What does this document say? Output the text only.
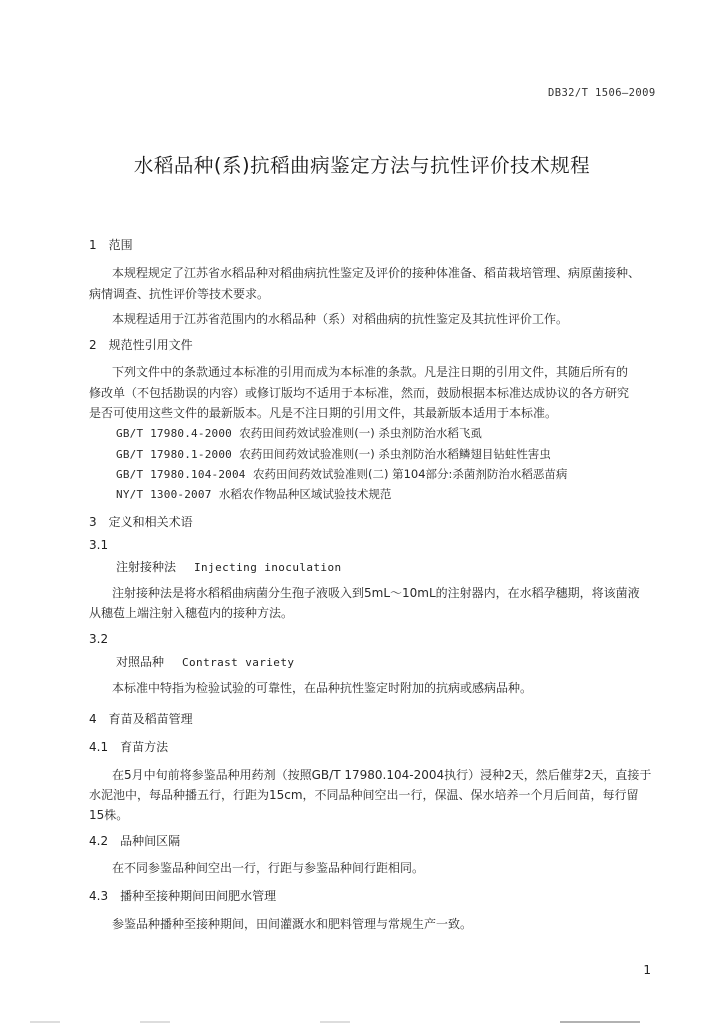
DB32/T 1506—2009
水稻品种(系)抗稻曲病鉴定方法与抗性评价技术规程
1 范围
本规程规定了江苏省水稻品种对稻曲病抗性鉴定及评价的接种体准备、稻苗栽培管理、病原菌接种、
病情调查、抗性评价等技术要求。
本规程适用于江苏省范围内的水稻品种（系）对稻曲病的抗性鉴定及其抗性评价工作。
2 规范性引用文件
下列文件中的条款通过本标准的引用而成为本标准的条款。凡是注日期的引用文件，其随后所有的
修改单（不包括勘误的内容）或修订版均不适用于本标准，然而，鼓励根据本标准达成协议的各方研究
是否可使用这些文件的最新版本。凡是不注日期的引用文件，其最新版本适用于本标准。
GB/T 17980.4-2000 农药田间药效试验准则(一) 杀虫剂防治水稻飞虱
GB/T 17980.1-2000 农药田间药效试验准则(一) 杀虫剂防治水稻鳞翅目钻蛀性害虫
GB/T 17980.104-2004 农药田间药效试验准则(二) 第104部分:杀菌剂防治水稻恶苗病
NY/T 1300-2007 水稻农作物品种区域试验技术规范
3 定义和相关术语
3.1
注射接种法 Injecting inoculation
注射接种法是将水稻稻曲病菌分生孢子液吸入到5mL～10mL的注射器内，在水稻孕穗期，将该菌液
从穗苞上端注射入穗苞内的接种方法。
3.2
对照品种 Contrast variety
本标准中特指为检验试验的可靠性，在品种抗性鉴定时附加的抗病或感病品种。
4 育苗及稻苗管理
4.1 育苗方法
在5月中旬前将参鉴品种用药剂（按照GB/T 17980.104-2004执行）浸种2天，然后催芽2天，直接于
水泥池中，每品种播五行，行距为15cm，不同品种间空出一行，保温、保水培养一个月后间苗，每行留
15株。
4.2 品种间区隔
在不同参鉴品种间空出一行，行距与参鉴品种间行距相同。
4.3 播种至接种期间田间肥水管理
参鉴品种播种至接种期间，田间灌溉水和肥料管理与常规生产一致。
1
